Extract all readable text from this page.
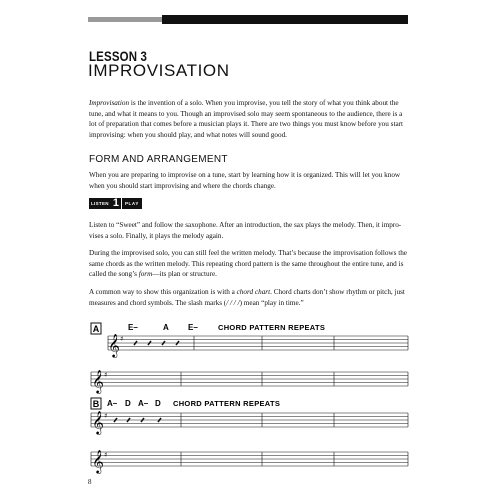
LESSON 3
IMPROVISATION

Improvisation is the invention of a solo. When you improvise, you tell the story of what you think about the tune, and what it means to you. Though an improvised solo may seem spontaneous to the audience, there is a lot of preparation that comes before a musician plays it. There are two things you must know before you start improvising: when you should play, and what notes will sound good.

FORM AND ARRANGEMENT

When you are preparing to improvise on a tune, start by learning how it is organized. This will let you know when you should start improvising and where the chords change.

LISTEN 1	PLAY

Listen to “Sweet” and follow the saxophone. After an introduction, the sax plays the melody. Then, it impro-vises a solo. Finally, it plays the melody again.

During the improvised solo, you can still feel the written melody. That’s because the improvisation follows the same chords as the written melody. This repeating chord pattern is the same throughout the entire tune, and is called the song’s form—its plan or structure.

A common way to show this organization is with a chord chart. Chord charts don’t show rhythm or pitch, just measures and chord symbols. The slash marks (/ / / /) mean “play in time.”

A	E–	A E–	CHORD PATTERN REPEATS
𝄞 ♯
𝄞 ♯
B A– D A– D CHORD PATTERN REPEATS
𝄞 ♯
𝄞 ♯
8
